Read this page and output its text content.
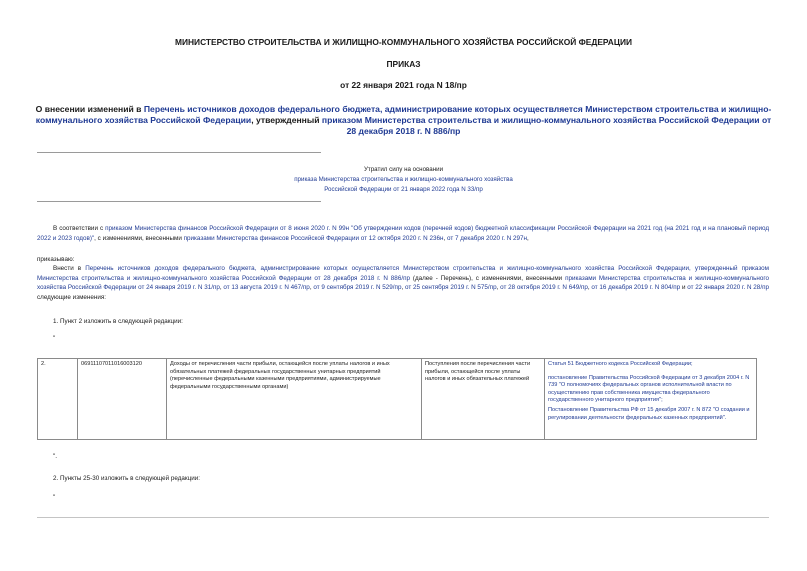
МИНИСТЕРСТВО СТРОИТЕЛЬСТВА И ЖИЛИЩНО-КОММУНАЛЬНОГО ХОЗЯЙСТВА РОССИЙСКОЙ ФЕДЕРАЦИИ
ПРИКАЗ
от 22 января 2021 года N 18/пр
О внесении изменений в Перечень источников доходов федерального бюджета, администрирование которых осуществляется Министерством строительства и жилищно-коммунального хозяйства Российской Федерации, утвержденный приказом Министерства строительства и жилищно-коммунального хозяйства Российской Федерации от 28 декабря 2018 г. N 886/пр
Утратил силу на основании
приказа Министерства строительства и жилищно-коммунального хозяйства
Российской Федерации от 21 января 2022 года N 33/пр
В соответствии с приказом Министерства финансов Российской Федерации от 8 июня 2020 г. N 99н "Об утверждении кодов (перечней кодов) бюджетной классификации Российской Федерации на 2021 год (на 2021 год и на плановый период 2022 и 2023 годов)", с изменениями, внесенными приказами Министерства финансов Российской Федерации от 12 октября 2020 г. N 236н, от 7 декабря 2020 г. N 297н,
приказываю:
Внести в Перечень источников доходов федерального бюджета, администрирование которых осуществляется Министерством строительства и жилищно-коммунального хозяйства Российской Федерации, утвержденный приказом Министерства строительства и жилищно-коммунального хозяйства Российской Федерации от 28 декабря 2018 г. N 886/пр (далее - Перечень), с изменениями, внесенными приказами Министерства строительства и жилищно-коммунального хозяйства Российской Федерации от 24 января 2019 г. N 31/пр, от 13 августа 2019 г. N 467/пр, от 9 сентября 2019 г. N 529/пр, от 25 сентября 2019 г. N 575/пр, от 28 октября 2019 г. N 649/пр, от 16 декабря 2019 г. N 804/пр и от 22 января 2020 г. N 28/пр следующие изменения:
1. Пункт 2 изложить в следующей редакции:
"
2.	06911107011016003120	Доходы от перечисления части прибыли, остающейся после уплаты налогов и иных обязательных платежей федеральных государственных унитарных предприятий (перечисленные федеральными казенными предприятиями, администрируемые федеральными государственными органами)	Поступления после перечисления части прибыли, остающейся после уплаты налогов и иных обязательных платежей	Статья 51 Бюджетного кодекса Российской Федерации;
постановление Правительства Российской Федерации от 3 декабря 2004 г. N 739 "О полномочиях федеральных органов исполнительной власти по осуществлению прав собственника имущества федерального государственного унитарного предприятия";
Постановление Правительства РФ от 15 декабря 2007 г. N 872 "О создании и регулировании деятельности федеральных казенных предприятий".
".
2. Пункты 25-30 изложить в следующей редакции:
"
